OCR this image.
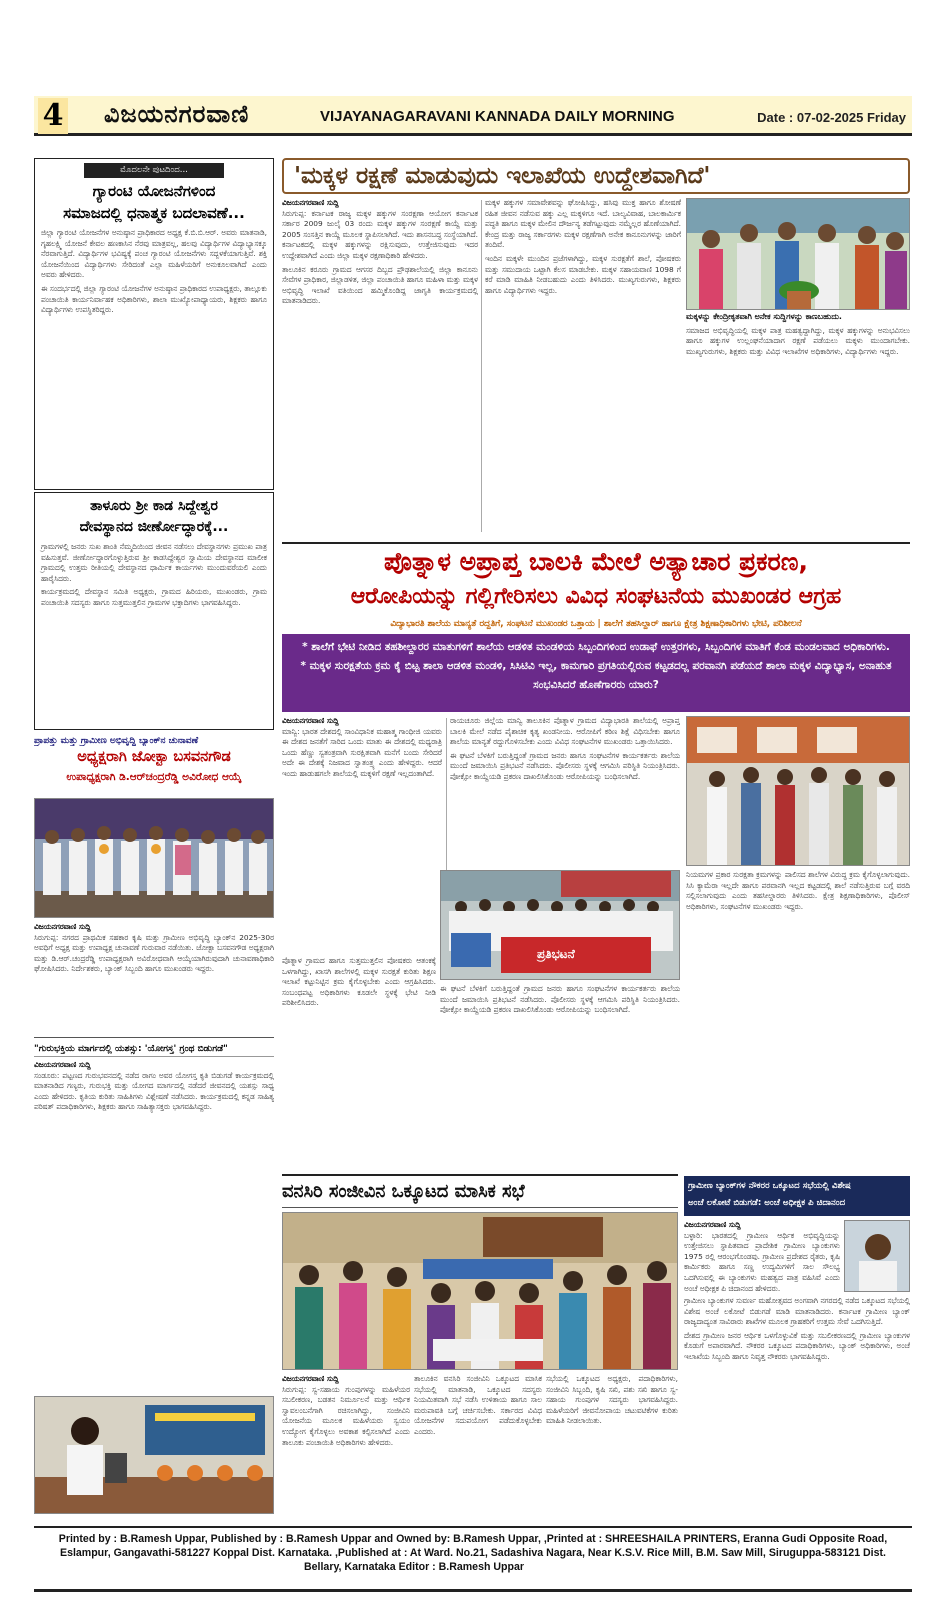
4 ವಿಜಯನಗರವಾಣಿ	VIJAYANAGARAVANI KANNADA DAILY MORNING	Date : 07-02-2025 Friday
ಮೊದಲನೇ ಪುಟದಿಂದ...
ಗ್ಯಾರಂಟಿ ಯೋಜನೆಗಳಿಂದ
ಸಮಾಜದಲ್ಲಿ ಧನಾತ್ಮಕ ಬದಲಾವಣೆ...

ಜಿಲ್ಲಾ ಗ್ಯಾರಂಟಿ ಯೋಜನೆಗಳ ಅನುಷ್ಠಾನ ಪ್ರಾಧಿಕಾರದ ಅಧ್ಯಕ್ಷ ಕೆ.ಬಿ.ಬಿ.ಆರ್. ಅವರು ಮಾತನಾಡಿ, ಗೃಹಲಕ್ಷ್ಮಿ ಯೋಜನೆ ಕೇವಲ ಹಣಕಾಸಿನ ನೆರವು ಮಾತ್ರವಲ್ಲ, ಹಲವು ವಿದ್ಯಾರ್ಥಿಗಳ ವಿದ್ಯಾಭ್ಯಾಸಕ್ಕೂ ನೆರವಾಗುತ್ತಿದೆ. ವಿದ್ಯಾರ್ಥಿಗಳ ಭವಿಷ್ಯಕ್ಕೆ ಪಂಚ ಗ್ಯಾರಂಟಿ ಯೋಜನೆಗಳು ಸದ್ಬಳಕೆಯಾಗುತ್ತಿವೆ. ಶಕ್ತಿ ಯೋಜನೆಯಿಂದ ವಿದ್ಯಾರ್ಥಿಗಳು ಸೇರಿದಂತೆ ಎಲ್ಲಾ ಮಹಿಳೆಯರಿಗೆ ಅನುಕೂಲವಾಗಿದೆ ಎಂದು ಅವರು ಹೇಳಿದರು.

ಈ ಸಂದರ್ಭದಲ್ಲಿ ಜಿಲ್ಲಾ ಗ್ಯಾರಂಟಿ ಯೋಜನೆಗಳ ಅನುಷ್ಠಾನ ಪ್ರಾಧಿಕಾರದ ಉಪಾಧ್ಯಕ್ಷರು, ತಾಲ್ಲೂಕು ಪಂಚಾಯಿತಿ ಕಾರ್ಯನಿರ್ವಾಹಕ ಅಧಿಕಾರಿಗಳು, ಶಾಲಾ ಮುಖ್ಯೋಪಾಧ್ಯಾಯರು, ಶಿಕ್ಷಕರು ಹಾಗೂ ವಿದ್ಯಾರ್ಥಿಗಳು ಉಪಸ್ಥಿತರಿದ್ದರು.

ತಾಳೂರು ಶ್ರೀ ಕಾಡ ಸಿದ್ದೇಶ್ವರ
ದೇವಸ್ಥಾನದ ಜೀರ್ಣೋದ್ಧಾರಕ್ಕೆ...

ಗ್ರಾಮಗಳಲ್ಲಿ ಜನರು ಸುಖ ಶಾಂತಿ ನೆಮ್ಮದಿಯಿಂದ ಜೀವನ ನಡೆಸಲು ದೇವಸ್ಥಾನಗಳು ಪ್ರಮುಖ ಪಾತ್ರ ವಹಿಸುತ್ತವೆ. ಜೀರ್ಣೋದ್ಧಾರಗೊಳ್ಳುತ್ತಿರುವ ಶ್ರೀ ಕಾಡಸಿದ್ದೇಶ್ವರ ಸ್ವಾಮಿಯ ದೇವಸ್ಥಾನದ ಮಾಲೀಕ ಗ್ರಾಮದಲ್ಲಿ ಉತ್ತಮ ರೀತಿಯಲ್ಲಿ ದೇವಸ್ಥಾನದ ಧಾರ್ಮಿಕ ಕಾರ್ಯಗಳು ಮುಂದುವರೆಯಲಿ ಎಂದು ಹಾರೈಸಿದರು.

ಕಾರ್ಯಕ್ರಮದಲ್ಲಿ ದೇವಸ್ಥಾನ ಸಮಿತಿ ಅಧ್ಯಕ್ಷರು, ಗ್ರಾಮದ ಹಿರಿಯರು, ಮುಖಂಡರು, ಗ್ರಾಮ ಪಂಚಾಯಿತಿ ಸದಸ್ಯರು ಹಾಗೂ ಸುತ್ತಮುತ್ತಲಿನ ಗ್ರಾಮಗಳ ಭಕ್ತಾದಿಗಳು ಭಾಗವಹಿಸಿದ್ದರು.

ಪ್ರಾಪತ್ತು ಮತ್ತು ಗ್ರಾಮೀಣ ಅಭಿವೃದ್ಧಿ ಬ್ಯಾಂಕ್‌ನ ಚುನಾವಣೆ
ಅಧ್ಯಕ್ಷರಾಗಿ ಜೋಕ್ಟಾ ಬಸವನಗೌಡ
ಉಪಾಧ್ಯಕ್ಷರಾಗಿ ಡಿ.ಆರ್‌ಚಂದ್ರರೆಡ್ಡಿ ಅವಿರೋಧ ಆಯ್ಕೆ
ವಿಜಯನಗರವಾಣಿ ಸುದ್ದಿ

ಸಿರುಗುಪ್ಪ: ನಗರದ ಪ್ರಾಥಮಿಕ ಸಹಕಾರ ಕೃಷಿ ಮತ್ತು ಗ್ರಾಮೀಣ ಅಭಿವೃದ್ಧಿ ಬ್ಯಾಂಕ್‌ನ 2025-30ರ ಅವಧಿಗೆ ಅಧ್ಯಕ್ಷ ಮತ್ತು ಉಪಾಧ್ಯಕ್ಷ ಚುನಾವಣೆ ಗುರುವಾರ ನಡೆಯಿತು. ಜೋಕ್ಟಾ ಬಸವನಗೌಡ ಅಧ್ಯಕ್ಷರಾಗಿ ಮತ್ತು ಡಿ.ಆರ್.ಚಂದ್ರರೆಡ್ಡಿ ಉಪಾಧ್ಯಕ್ಷರಾಗಿ ಅವಿರೋಧವಾಗಿ ಆಯ್ಕೆಯಾಗಿರುವುದಾಗಿ ಚುನಾವಣಾಧಿಕಾರಿ ಘೋಷಿಸಿದರು. ನಿರ್ದೇಶಕರು, ಬ್ಯಾಂಕ್ ಸಿಬ್ಬಂದಿ ಹಾಗೂ ಮುಖಂಡರು ಇದ್ದರು.

"ಗುರುಭಕ್ತಿಯ ಮಾರ್ಗದಲ್ಲಿ ಯಶಸ್ಸು: 'ಯೋಗಸ್ತ' ಗ್ರಂಥ ಬಿಡುಗಡೆ"
ವಿಜಯನಗರವಾಣಿ ಸುದ್ದಿ

ಸಂಡೂರು: ಪಟ್ಟಣದ ಗುರುಭವನದಲ್ಲಿ ನಡೆದ ರಾಗಂ ಅವರ ಯೋಗಸ್ತ ಕೃತಿ ಬಿಡುಗಡೆ ಕಾರ್ಯಕ್ರಮದಲ್ಲಿ ಮಾತನಾಡಿದ ಗಣ್ಯರು, ಗುರುಭಕ್ತಿ ಮತ್ತು ಯೋಗದ ಮಾರ್ಗದಲ್ಲಿ ನಡೆದರೆ ಜೀವನದಲ್ಲಿ ಯಶಸ್ಸು ಸಾಧ್ಯ ಎಂದು ಹೇಳಿದರು. ಕೃತಿಯ ಕುರಿತು ಸಾಹಿತಿಗಳು ವಿಶ್ಲೇಷಣೆ ನಡೆಸಿದರು. ಕಾರ್ಯಕ್ರಮದಲ್ಲಿ ಕನ್ನಡ ಸಾಹಿತ್ಯ ಪರಿಷತ್ ಪದಾಧಿಕಾರಿಗಳು, ಶಿಕ್ಷಕರು ಹಾಗೂ ಸಾಹಿತ್ಯಾಸಕ್ತರು ಭಾಗವಹಿಸಿದ್ದರು.

'ಮಕ್ಕಳ ರಕ್ಷಣೆ ಮಾಡುವುದು ಇಲಾಖೆಯ ಉದ್ದೇಶವಾಗಿದೆ'
ವಿಜಯನಗರವಾಣಿ ಸುದ್ದಿ

ಸಿರುಗುಪ್ಪ: ಕರ್ನಾಟಕ ರಾಜ್ಯ ಮಕ್ಕಳ ಹಕ್ಕುಗಳ ಸಂರಕ್ಷಣಾ ಆಯೋಗ ಕರ್ನಾಟಕ ಸರ್ಕಾರ 2009 ಜುಲೈ 03 ರಂದು ಮಕ್ಕಳ ಹಕ್ಕುಗಳ ಸಂರಕ್ಷಣೆ ಕಾಯ್ದೆ ಮತ್ತು 2005 ಸಂಸತ್ತಿನ ಕಾಯ್ದೆ ಮೂಲಕ ಸ್ಥಾಪಿಸಲಾಗಿದೆ. ಇದು ಶಾಸನಬದ್ಧ ಸಂಸ್ಥೆಯಾಗಿದೆ. ಕರ್ನಾಟಕದಲ್ಲಿ ಮಕ್ಕಳ ಹಕ್ಕುಗಳನ್ನು ರಕ್ಷಿಸುವುದು, ಉತ್ತೇಜಿಸುವುದು ಇದರ ಉದ್ದೇಶವಾಗಿದೆ ಎಂದು ಜಿಲ್ಲಾ ಮಕ್ಕಳ ರಕ್ಷಣಾಧಿಕಾರಿ ಹೇಳಿದರು.

ತಾಲೂಕಿನ ಕರೂರು ಗ್ರಾಮದ ಆಗಸರ ದಿಬ್ಬದ ಪ್ರೌಢಶಾಲೆಯಲ್ಲಿ ಜಿಲ್ಲಾ ಕಾನೂನು ಸೇವೆಗಳ ಪ್ರಾಧಿಕಾರ, ಜಿಲ್ಲಾಡಳಿತ, ಜಿಲ್ಲಾ ಪಂಚಾಯಿತಿ ಹಾಗೂ ಮಹಿಳಾ ಮತ್ತು ಮಕ್ಕಳ ಅಭಿವೃದ್ಧಿ ಇಲಾಖೆ ವತಿಯಿಂದ ಹಮ್ಮಿಕೊಂಡಿದ್ದ ಜಾಗೃತಿ ಕಾರ್ಯಕ್ರಮದಲ್ಲಿ ಮಾತನಾಡಿದರು.

ಮಕ್ಕಳ ಹಕ್ಕುಗಳ ಸಮಾವೇಶವನ್ನು ಘೋಷಿಸಿದ್ದು, ಹಸಿವು ಮುಕ್ತ ಹಾಗೂ ಶೋಷಣೆ ರಹಿತ ಜೀವನ ನಡೆಸುವ ಹಕ್ಕು ಎಲ್ಲ ಮಕ್ಕಳಿಗೂ ಇದೆ. ಬಾಲ್ಯವಿವಾಹ, ಬಾಲಕಾರ್ಮಿಕ ಪದ್ಧತಿ ಹಾಗೂ ಮಕ್ಕಳ ಮೇಲಿನ ದೌರ್ಜನ್ಯ ತಡೆಗಟ್ಟುವುದು ನಮ್ಮೆಲ್ಲರ ಹೊಣೆಯಾಗಿದೆ. ಕೇಂದ್ರ ಮತ್ತು ರಾಜ್ಯ ಸರ್ಕಾರಗಳು ಮಕ್ಕಳ ರಕ್ಷಣೆಗಾಗಿ ಅನೇಕ ಕಾನೂನುಗಳನ್ನು ಜಾರಿಗೆ ತಂದಿವೆ.

ಇಂದಿನ ಮಕ್ಕಳೇ ಮುಂದಿನ ಪ್ರಜೆಗಳಾಗಿದ್ದು, ಮಕ್ಕಳ ಸುರಕ್ಷತೆಗೆ ಶಾಲೆ, ಪೋಷಕರು ಮತ್ತು ಸಮುದಾಯ ಒಟ್ಟಾಗಿ ಕೆಲಸ ಮಾಡಬೇಕು. ಮಕ್ಕಳ ಸಹಾಯವಾಣಿ 1098 ಗೆ ಕರೆ ಮಾಡಿ ಮಾಹಿತಿ ನೀಡಬಹುದು ಎಂದು ತಿಳಿಸಿದರು. ಮುಖ್ಯಗುರುಗಳು, ಶಿಕ್ಷಕರು ಹಾಗೂ ವಿದ್ಯಾರ್ಥಿಗಳು ಇದ್ದರು.

ಮಕ್ಕಳನ್ನು ಕೇಂದ್ರೀಕೃತವಾಗಿ ಅನೇಕ ಸುದ್ದಿಗಳನ್ನು ಕಾಣಬಹುದು.

ಸಮಾಜದ ಅಭಿವೃದ್ಧಿಯಲ್ಲಿ ಮಕ್ಕಳ ಪಾತ್ರ ಮಹತ್ವದ್ದಾಗಿದ್ದು, ಮಕ್ಕಳ ಹಕ್ಕುಗಳನ್ನು ಅನುಭವಿಸಲು ಹಾಗೂ ಹಕ್ಕುಗಳ ಉಲ್ಲಂಘನೆಯಾದಾಗ ರಕ್ಷಣೆ ಪಡೆಯಲು ಮಕ್ಕಳು ಮುಂದಾಗಬೇಕು. ಮುಖ್ಯಗುರುಗಳು, ಶಿಕ್ಷಕರು ಮತ್ತು ವಿವಿಧ ಇಲಾಖೆಗಳ ಅಧಿಕಾರಿಗಳು, ವಿದ್ಯಾರ್ಥಿಗಳು ಇದ್ದರು.

ಪೊತ್ನಾಳ ಅಪ್ರಾಪ್ತ ಬಾಲಕಿ ಮೇಲೆ ಅತ್ಯಾಚಾರ ಪ್ರಕರಣ,
ಆರೋಪಿಯನ್ನು ಗಲ್ಲಿಗೇರಿಸಲು ವಿವಿಧ ಸಂಘಟನೆಯ ಮುಖಂಡರ ಆಗ್ರಹ
ವಿದ್ಯಾಭಾರತಿ ಶಾಲೆಯ ಮಾನ್ಯತೆ ರದ್ದತಿಗೆ, ಸಂಘಟನೆ ಮುಖಂಡರ ಒತ್ತಾಯ | ಶಾಲೆಗೆ ತಹಸಿಲ್ದಾರ್ ಹಾಗೂ ಕ್ಷೇತ್ರ ಶಿಕ್ಷಣಾಧಿಕಾರಿಗಳು ಭೇಟಿ, ಪರಿಶೀಲನೆ
* ಶಾಲೆಗೆ ಭೇಟಿ ನೀಡಿದ ತಹಶೀಲ್ದಾರರ ಮಾತುಗಳಿಗೆ ಶಾಲೆಯ ಆಡಳಿತ ಮಂಡಳಿಯ ಸಿಬ್ಬಂದಿಗಳಿಂದ ಉಡಾಫೆ ಉತ್ತರಗಳು, ಸಿಬ್ಬಂದಿಗಳ ಮಾತಿಗೆ ಕೆಂಡ ಮಂಡಲವಾದ ಅಧಿಕಾರಿಗಳು.
* ಮಕ್ಕಳ ಸುರಕ್ಷತೆಯ ಕ್ರಮ ಕೈ ಬಿಟ್ಟ ಶಾಲಾ ಆಡಳಿತ ಮಂಡಳಿ, ಸಿಸಿಟಿವಿ ಇಲ್ಲ, ಕಾಮಗಾರಿ ಪ್ರಗತಿಯಲ್ಲಿರುವ ಕಟ್ಟಡದಲ್ಲ ಪರವಾನಗಿ ಪಡೆಯದೆ ಶಾಲಾ ಮಕ್ಕಳ ವಿದ್ಯಾಭ್ಯಾಸ, ಅನಾಹುತ ಸಂಭವಿಸಿದರೆ ಹೊಣೆಗಾರರು ಯಾರು?
ವಿಜಯನಗರವಾಣಿ ಸುದ್ದಿ

ಮಾನ್ವಿ: ಭಾರತ ದೇಶದಲ್ಲಿ ಸಾಂವಿಧಾನಿಕ ಮಹಾತ್ಮ ಗಾಂಧೀಜಿ ಯವರು ಈ ದೇಶದ ಜನತೆಗೆ ಸಾರಿದ ಒಂದು ಮಾತು ಈ ದೇಶದಲ್ಲಿ ಮಧ್ಯರಾತ್ರಿ ಒಂದು ಹೆಣ್ಣು ಸ್ವತಂತ್ರವಾಗಿ ಸುರಕ್ಷಿತವಾಗಿ ಮನೆಗೆ ಬಂದು ಸೇರಿದರೆ ಅದೇ ಈ ದೇಶಕ್ಕೆ ನಿಜವಾದ ಸ್ವಾತಂತ್ರ್ಯ ಎಂದು ಹೇಳಿದ್ದರು. ಆದರೆ ಇಂದು ಹಾಡುಹಗಲೇ ಶಾಲೆಯಲ್ಲಿ ಮಕ್ಕಳಿಗೆ ರಕ್ಷಣೆ ಇಲ್ಲದಂತಾಗಿದೆ.

ರಾಯಚೂರು ಜಿಲ್ಲೆಯ ಮಾನ್ವಿ ತಾಲೂಕಿನ ಪೊತ್ನಾಳ ಗ್ರಾಮದ ವಿದ್ಯಾಭಾರತಿ ಶಾಲೆಯಲ್ಲಿ ಅಪ್ರಾಪ್ತ ಬಾಲಕಿ ಮೇಲೆ ನಡೆದ ಪೈಶಾಚಿಕ ಕೃತ್ಯ ಖಂಡನೀಯ. ಆರೋಪಿಗೆ ಕಠಿಣ ಶಿಕ್ಷೆ ವಿಧಿಸಬೇಕು ಹಾಗೂ ಶಾಲೆಯ ಮಾನ್ಯತೆ ರದ್ದುಗೊಳಿಸಬೇಕು ಎಂದು ವಿವಿಧ ಸಂಘಟನೆಗಳ ಮುಖಂಡರು ಒತ್ತಾಯಿಸಿದರು.

ಈ ಘಟನೆ ಬೆಳಕಿಗೆ ಬರುತ್ತಿದ್ದಂತೆ ಗ್ರಾಮದ ಜನರು ಹಾಗೂ ಸಂಘಟನೆಗಳ ಕಾರ್ಯಕರ್ತರು ಶಾಲೆಯ ಮುಂದೆ ಜಮಾಯಿಸಿ ಪ್ರತಿಭಟನೆ ನಡೆಸಿದರು. ಪೊಲೀಸರು ಸ್ಥಳಕ್ಕೆ ಆಗಮಿಸಿ ಪರಿಸ್ಥಿತಿ ನಿಯಂತ್ರಿಸಿದರು. ಪೋಕ್ಸೋ ಕಾಯ್ದೆಯಡಿ ಪ್ರಕರಣ ದಾಖಲಿಸಿಕೊಂಡು ಆರೋಪಿಯನ್ನು ಬಂಧಿಸಲಾಗಿದೆ.

ನಿಯಮಗಳ ಪ್ರಕಾರ ಸುರಕ್ಷತಾ ಕ್ರಮಗಳನ್ನು ಪಾಲಿಸದ ಶಾಲೆಗಳ ವಿರುದ್ಧ ಕ್ರಮ ಕೈಗೊಳ್ಳಲಾಗುವುದು. ಸಿಸಿ ಕ್ಯಾಮೆರಾ ಇಲ್ಲದೇ ಹಾಗೂ ಪರವಾನಗಿ ಇಲ್ಲದ ಕಟ್ಟಡದಲ್ಲಿ ಶಾಲೆ ನಡೆಸುತ್ತಿರುವ ಬಗ್ಗೆ ವರದಿ ಸಲ್ಲಿಸಲಾಗುವುದು ಎಂದು ತಹಸೀಲ್ದಾರರು ತಿಳಿಸಿದರು. ಕ್ಷೇತ್ರ ಶಿಕ್ಷಣಾಧಿಕಾರಿಗಳು, ಪೊಲೀಸ್ ಅಧಿಕಾರಿಗಳು, ಸಂಘಟನೆಗಳ ಮುಖಂಡರು ಇದ್ದರು.

ಪ್ರತಿಭಟನೆ

ಪೊತ್ನಾಳ ಗ್ರಾಮದ ಹಾಗೂ ಸುತ್ತಮುತ್ತಲಿನ ಪೋಷಕರು ಆತಂಕಕ್ಕೆ ಒಳಗಾಗಿದ್ದು, ಖಾಸಗಿ ಶಾಲೆಗಳಲ್ಲಿ ಮಕ್ಕಳ ಸುರಕ್ಷತೆ ಕುರಿತು ಶಿಕ್ಷಣ ಇಲಾಖೆ ಕಟ್ಟುನಿಟ್ಟಿನ ಕ್ರಮ ಕೈಗೊಳ್ಳಬೇಕು ಎಂದು ಆಗ್ರಹಿಸಿದರು. ಸಂಬಂಧಪಟ್ಟ ಅಧಿಕಾರಿಗಳು ಕೂಡಲೇ ಸ್ಥಳಕ್ಕೆ ಭೇಟಿ ನೀಡಿ ಪರಿಶೀಲಿಸಿದರು.

ಈ ಘಟನೆ ಬೆಳಕಿಗೆ ಬರುತ್ತಿದ್ದಂತೆ ಗ್ರಾಮದ ಜನರು ಹಾಗೂ ಸಂಘಟನೆಗಳ ಕಾರ್ಯಕರ್ತರು ಶಾಲೆಯ ಮುಂದೆ ಜಮಾಯಿಸಿ ಪ್ರತಿಭಟನೆ ನಡೆಸಿದರು. ಪೊಲೀಸರು ಸ್ಥಳಕ್ಕೆ ಆಗಮಿಸಿ ಪರಿಸ್ಥಿತಿ ನಿಯಂತ್ರಿಸಿದರು. ಪೋಕ್ಸೋ ಕಾಯ್ದೆಯಡಿ ಪ್ರಕರಣ ದಾಖಲಿಸಿಕೊಂಡು ಆರೋಪಿಯನ್ನು ಬಂಧಿಸಲಾಗಿದೆ.

ವನಸಿರಿ ಸಂಜೀವಿನ ಒಕ್ಕೂಟದ ಮಾಸಿಕ ಸಭೆ
ವಿಜಯನಗರವಾಣಿ ಸುದ್ದಿ

ಸಿರುಗುಪ್ಪ: ಸ್ವ-ಸಹಾಯ ಗುಂಪುಗಳನ್ನು ಮಹಿಳೆಯರ ಸಬಲೀಕರಣ, ಬಡತನ ನಿರ್ಮೂಲನೆ ಮತ್ತು ಆರ್ಥಿಕ ಸ್ವಾವಲಂಬನೆಗಾಗಿ ರಚಿಸಲಾಗಿದ್ದು, ಸಂಜೀವಿನಿ ಯೋಜನೆಯ ಮೂಲಕ ಮಹಿಳೆಯರು ಸ್ವಯಂ ಉದ್ಯೋಗ ಕೈಗೊಳ್ಳಲು ಅವಕಾಶ ಕಲ್ಪಿಸಲಾಗಿದೆ ಎಂದು ತಾಲೂಕು ಪಂಚಾಯಿತಿ ಅಧಿಕಾರಿಗಳು ಹೇಳಿದರು.

ತಾಲೂಕಿನ ವನಸಿರಿ ಸಂಜೀವಿನಿ ಒಕ್ಕೂಟದ ಮಾಸಿಕ ಸಭೆಯಲ್ಲಿ ಮಾತನಾಡಿ, ಒಕ್ಕೂಟದ ಸದಸ್ಯರು ನಿಯಮಿತವಾಗಿ ಸಭೆ ನಡೆಸಿ ಉಳಿತಾಯ ಹಾಗೂ ಸಾಲ ಮರುಪಾವತಿ ಬಗ್ಗೆ ಚರ್ಚಿಸಬೇಕು. ಸರ್ಕಾರದ ವಿವಿಧ ಯೋಜನೆಗಳ ಸದುಪಯೋಗ ಪಡೆದುಕೊಳ್ಳಬೇಕು ಎಂದರು.

ಸಭೆಯಲ್ಲಿ ಒಕ್ಕೂಟದ ಅಧ್ಯಕ್ಷರು, ಪದಾಧಿಕಾರಿಗಳು, ಸಂಜೀವಿನಿ ಸಿಬ್ಬಂದಿ, ಕೃಷಿ ಸಖಿ, ಪಶು ಸಖಿ ಹಾಗೂ ಸ್ವ-ಸಹಾಯ ಗುಂಪುಗಳ ಸದಸ್ಯರು ಭಾಗವಹಿಸಿದ್ದರು. ಮಹಿಳೆಯರಿಗೆ ಜೀವನೋಪಾಯ ಚಟುವಟಿಕೆಗಳ ಕುರಿತು ಮಾಹಿತಿ ನೀಡಲಾಯಿತು.

ಗ್ರಾಮೀಣ ಬ್ಯಾಂಕ್‌ಗಳ ನೌಕರರ ಒಕ್ಕೂಟದ ಸಭೆಯಲ್ಲಿ ವಿಶೇಷ
ಅಂಚೆ ಲಕೋಟೆ ಬಿಡುಗಡೆ: ಅಂಚೆ ಅಧೀಕ್ಷಕ ಪಿ ಚಿದಾನಂದ
ವಿಜಯನಗರವಾಣಿ ಸುದ್ದಿ

ಬಳ್ಳಾರಿ: ಭಾರತದಲ್ಲಿ ಗ್ರಾಮೀಣ ಆರ್ಥಿಕ ಅಭಿವೃದ್ಧಿಯನ್ನು ಉತ್ತೇಜಿಸಲು ಸ್ಥಾಪಿತವಾದ ಪ್ರಾದೇಶಿಕ ಗ್ರಾಮೀಣ ಬ್ಯಾಂಕುಗಳು 1975 ರಲ್ಲಿ ಆರಂಭಗೊಂಡವು. ಗ್ರಾಮೀಣ ಪ್ರದೇಶದ ರೈತರು, ಕೃಷಿ ಕಾರ್ಮಿಕರು ಹಾಗೂ ಸಣ್ಣ ಉದ್ಯಮಿಗಳಿಗೆ ಸಾಲ ಸೌಲಭ್ಯ ಒದಗಿಸುವಲ್ಲಿ ಈ ಬ್ಯಾಂಕುಗಳು ಮಹತ್ವದ ಪಾತ್ರ ವಹಿಸಿವೆ ಎಂದು ಅಂಚೆ ಅಧೀಕ್ಷಕ ಪಿ ಚಿದಾನಂದ ಹೇಳಿದರು.

ಗ್ರಾಮೀಣ ಬ್ಯಾಂಕುಗಳ ಸುವರ್ಣ ಮಹೋತ್ಸವದ ಅಂಗವಾಗಿ ನಗರದಲ್ಲಿ ನಡೆದ ಒಕ್ಕೂಟದ ಸಭೆಯಲ್ಲಿ ವಿಶೇಷ ಅಂಚೆ ಲಕೋಟೆ ಬಿಡುಗಡೆ ಮಾಡಿ ಮಾತನಾಡಿದರು. ಕರ್ನಾಟಕ ಗ್ರಾಮೀಣ ಬ್ಯಾಂಕ್ ರಾಜ್ಯದಾದ್ಯಂತ ಸಾವಿರಾರು ಶಾಖೆಗಳ ಮೂಲಕ ಗ್ರಾಹಕರಿಗೆ ಉತ್ತಮ ಸೇವೆ ಒದಗಿಸುತ್ತಿದೆ.

ದೇಶದ ಗ್ರಾಮೀಣ ಜನರ ಆರ್ಥಿಕ ಒಳಗೊಳ್ಳುವಿಕೆ ಮತ್ತು ಸಬಲೀಕರಣದಲ್ಲಿ ಗ್ರಾಮೀಣ ಬ್ಯಾಂಕುಗಳ ಕೊಡುಗೆ ಅಪಾರವಾಗಿದೆ. ನೌಕರರ ಒಕ್ಕೂಟದ ಪದಾಧಿಕಾರಿಗಳು, ಬ್ಯಾಂಕ್ ಅಧಿಕಾರಿಗಳು, ಅಂಚೆ ಇಲಾಖೆಯ ಸಿಬ್ಬಂದಿ ಹಾಗೂ ನಿವೃತ್ತ ನೌಕರರು ಭಾಗವಹಿಸಿದ್ದರು.

Printed by : B.Ramesh Uppar, Published by : B.Ramesh Uppar and Owned by: B.Ramesh Uppar, ,Printed at : SHREESHAILA PRINTERS, Eranna Gudi Opposite Road,
Eslampur, Gangavathi-581227 Koppal Dist. Karnataka. ,Published at : At Ward. No.21, Sadashiva Nagara, Near K.S.V. Rice Mill, B.M. Saw Mill, Siruguppa-583121 Dist.
Bellary, Karnataka Editor : B.Ramesh Uppar
